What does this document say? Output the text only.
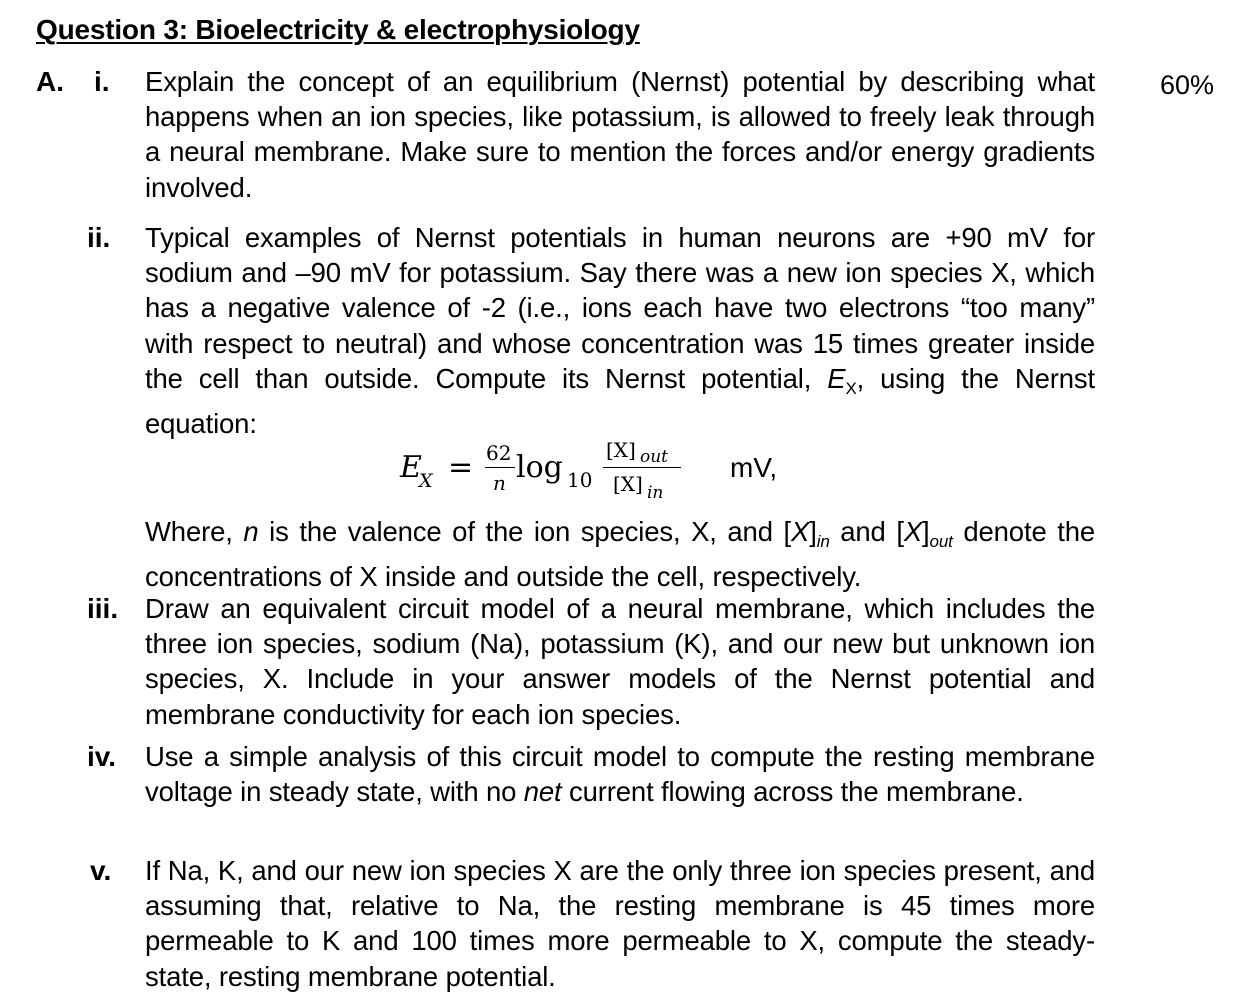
Question 3: Bioelectricity & electrophysiology
60%
A. i. Explain the concept of an equilibrium (Nernst) potential by describing what happens when an ion species, like potassium, is allowed to freely leak through a neural membrane. Make sure to mention the forces and/or energy gradients involved.
ii. Typical examples of Nernst potentials in human neurons are +90 mV for sodium and –90 mV for potassium. Say there was a new ion species X, which has a negative valence of -2 (i.e., ions each have two electrons “too many” with respect to neutral) and whose concentration was 15 times greater inside the cell than outside. Compute its Nernst potential, $E_X$, using the Nernst equation:
E
X = 62
n log 10
[X] out
[X] in
mV,
Where, n is the valence of the ion species, X, and $[X]_{in}$ and $[X]_{out}$ denote the concentrations of X inside and outside the cell, respectively.
iii. Draw an equivalent circuit model of a neural membrane, which includes the three ion species, sodium (Na), potassium (K), and our new but unknown ion species, X. Include in your answer models of the Nernst potential and membrane conductivity for each ion species.
iv. Use a simple analysis of this circuit model to compute the resting membrane voltage in steady state, with no net current flowing across the membrane.
v. If Na, K, and our new ion species X are the only three ion species present, and assuming that, relative to Na, the resting membrane is 45 times more permeable to K and 100 times more permeable to X, compute the steady-state, resting membrane potential.
